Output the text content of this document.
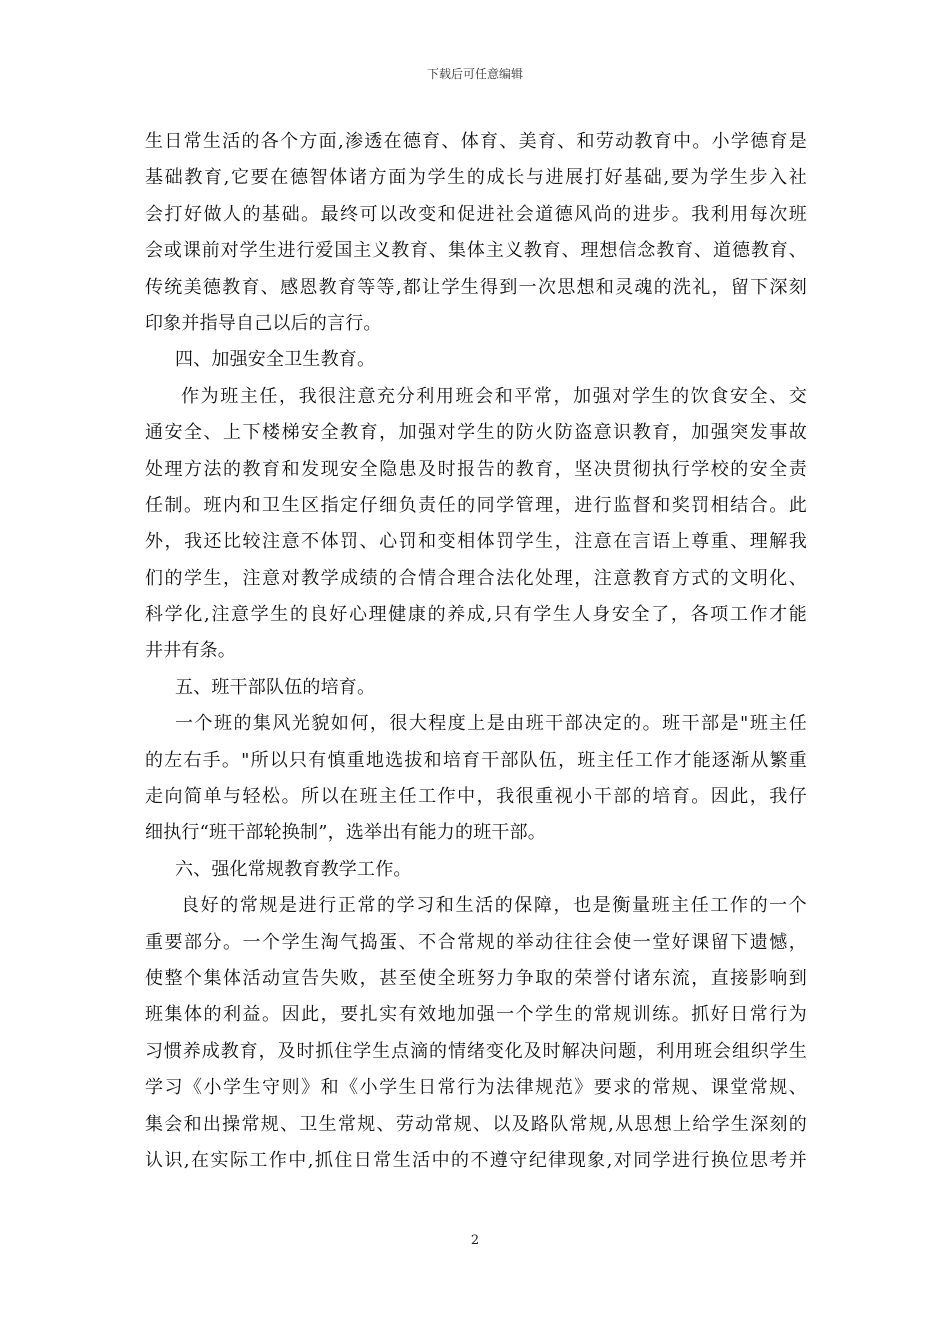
下载后可任意编辑
生日常生活的各个方面,渗透在德育、体育、美育、和劳动教育中。小学德育是
基础教育,它要在德智体诸方面为学生的成长与进展打好基础,要为学生步入社
会打好做人的基础。最终可以改变和促进社会道德风尚的进步。我利用每次班
会或课前对学生进行爱国主义教育、集体主义教育、理想信念教育、道德教育、
传统美德教育、感恩教育等等,都让学生得到一次思想和灵魂的洗礼，留下深刻
印象并指导自己以后的言行。
四、加强安全卫生教育。
作为班主任，我很注意充分利用班会和平常，加强对学生的饮食安全、交
通安全、上下楼梯安全教育，加强对学生的防火防盗意识教育，加强突发事故
处理方法的教育和发现安全隐患及时报告的教育，坚决贯彻执行学校的安全责
任制。班内和卫生区指定仔细负责任的同学管理，进行监督和奖罚相结合。此
外，我还比较注意不体罚、心罚和变相体罚学生，注意在言语上尊重、理解我
们的学生，注意对教学成绩的合情合理合法化处理，注意教育方式的文明化、
科学化,注意学生的良好心理健康的养成,只有学生人身安全了，各项工作才能
井井有条。
五、班干部队伍的培育。
一个班的集风光貌如何，很大程度上是由班干部决定的。班干部是"班主任
的左右手。"所以只有慎重地选拔和培育干部队伍，班主任工作才能逐渐从繁重
走向简单与轻松。所以在班主任工作中，我很重视小干部的培育。因此，我仔
细执行“班干部轮换制”，选举出有能力的班干部。
六、强化常规教育教学工作。
良好的常规是进行正常的学习和生活的保障，也是衡量班主任工作的一个
重要部分。一个学生淘气捣蛋、不合常规的举动往往会使一堂好课留下遗憾，
使整个集体活动宣告失败，甚至使全班努力争取的荣誉付诸东流，直接影响到
班集体的利益。因此，要扎实有效地加强一个学生的常规训练。抓好日常行为
习惯养成教育，及时抓住学生点滴的情绪变化及时解决问题，利用班会组织学生
学习《小学生守则》和《小学生日常行为法律规范》要求的常规、课堂常规、
集会和出操常规、卫生常规、劳动常规、以及路队常规,从思想上给学生深刻的
认识,在实际工作中,抓住日常生活中的不遵守纪律现象,对同学进行换位思考并
2
